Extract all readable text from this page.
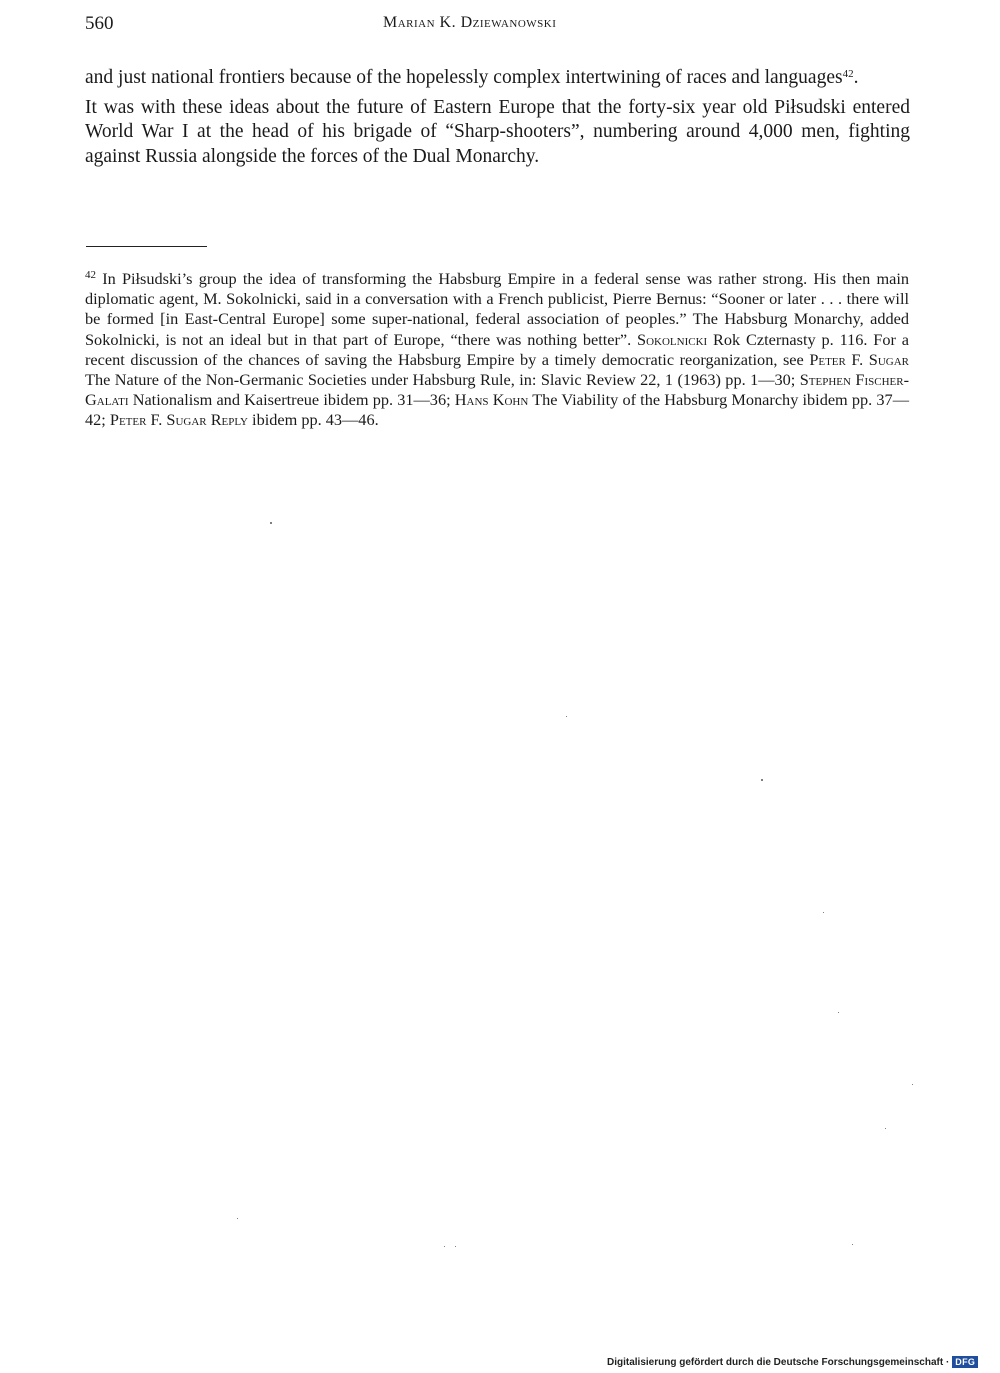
560	Marian K. Dziewanowski

and just national frontiers because of the hopelessly complex intertwining of races and languages$^{42}$.

It was with these ideas about the future of Eastern Europe that the forty-six year old Piłsudski entered World War I at the head of his brigade of “Sharp-shooters”, numbering around 4,000 men, fighting against Russia alongside the forces of the Dual Monarchy.

$^{42}$ In Piłsudski’s group the idea of transforming the Habsburg Empire in a federal sense was rather strong. His then main diplomatic agent, M. Sokolnicki, said in a conversation with a French publicist, Pierre Bernus: “Sooner or later . . . there will be formed [in East-Central Europe] some super-national, federal association of peoples.” The Habsburg Monarchy, added Sokolnicki, is not an ideal but in that part of Europe, “there was nothing better”. Sokolnicki Rok Czternasty p. 116. For a recent discussion of the chances of saving the Habsburg Empire by a timely democratic reorganization, see Peter F. Sugar The Nature of the Non-Germanic Societies under Habsburg Rule, in: Slavic Review 22, 1 (1963) pp. 1—30; Stephen Fischer-Galati Nationalism and Kaisertreue ibidem pp. 31—36; Hans Kohn The Viability of the Habsburg Monarchy ibidem pp. 37—42; Peter F. Sugar Reply ibidem pp. 43—46.

Digitalisierung gefördert durch die Deutsche Forschungsgemeinschaft · DFG
